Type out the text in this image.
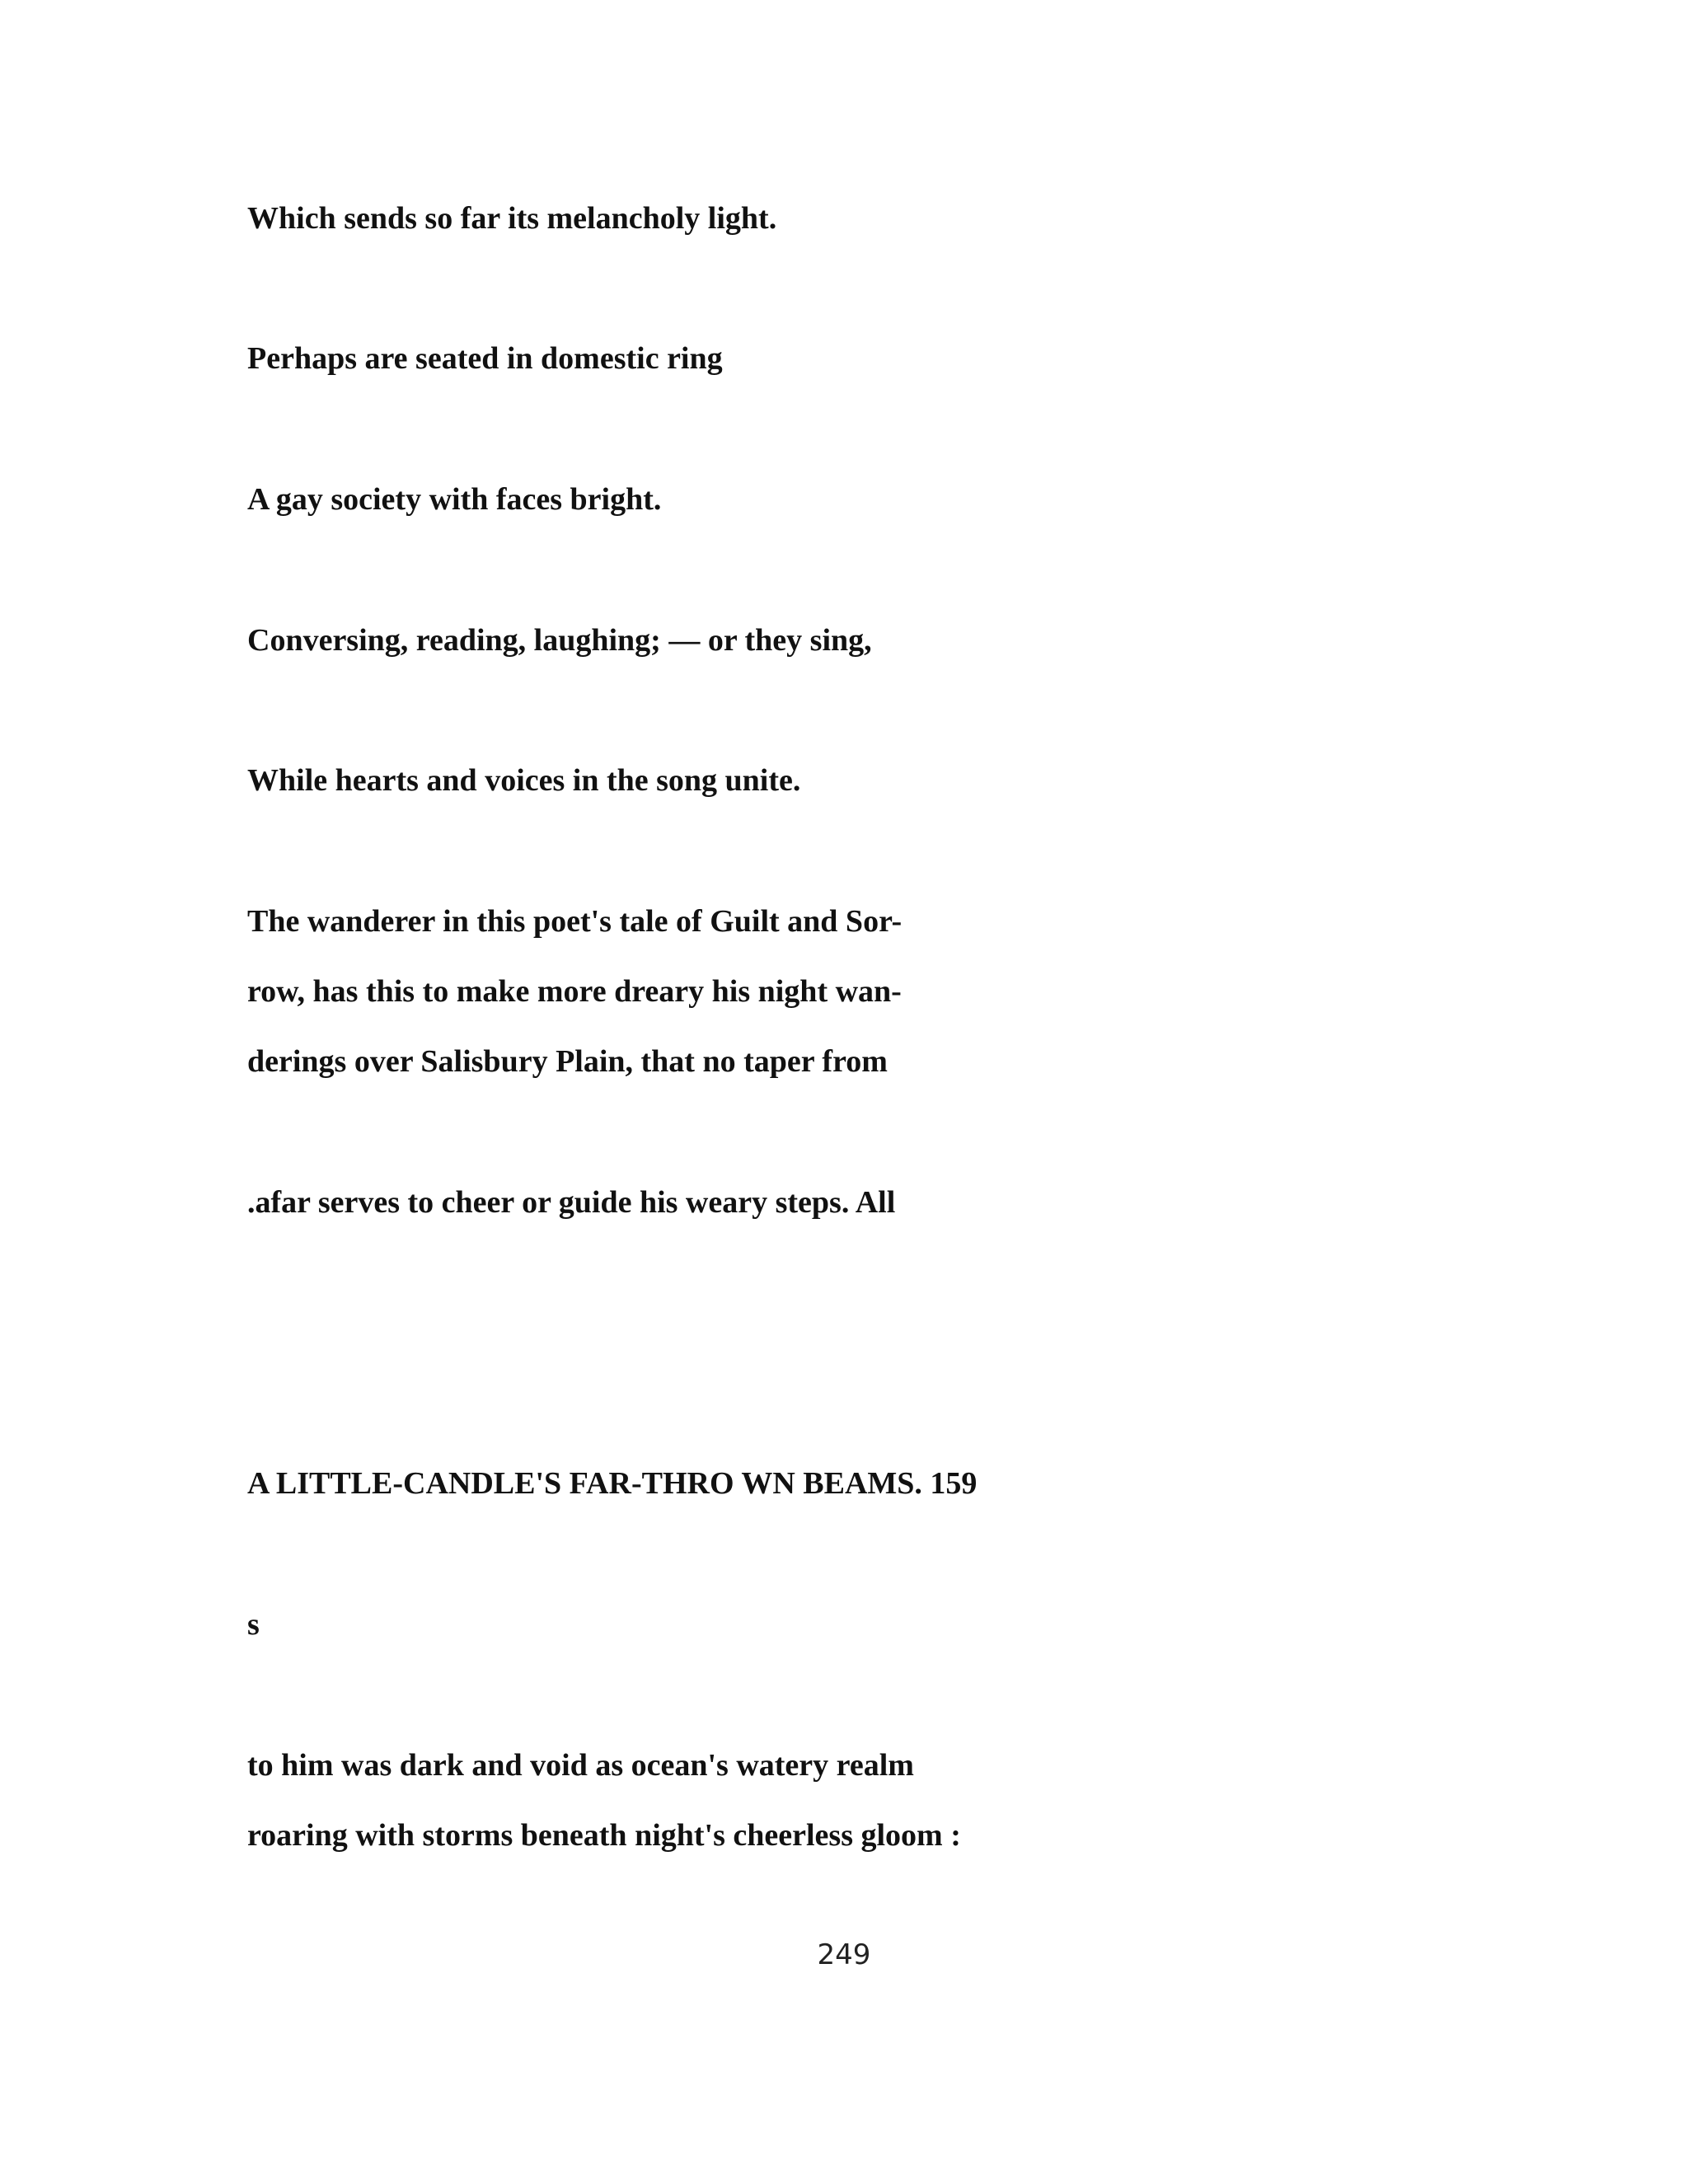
Which sends so far its melancholy light.
Perhaps are seated in domestic ring
A gay society with faces bright.
Conversing, reading, laughing; — or they sing,
While hearts and voices in the song unite.
The wanderer in this poet's tale of Guilt and Sor-
row, has this to make more dreary his night wan-
derings over Salisbury Plain, that no taper from
.afar serves to cheer or guide his weary steps. All
A LITTLE-CANDLE'S FAR-THRO WN BEAMS. 159
s
to him was dark and void as ocean's watery realm
roaring with storms beneath night's cheerless gloom :
249
